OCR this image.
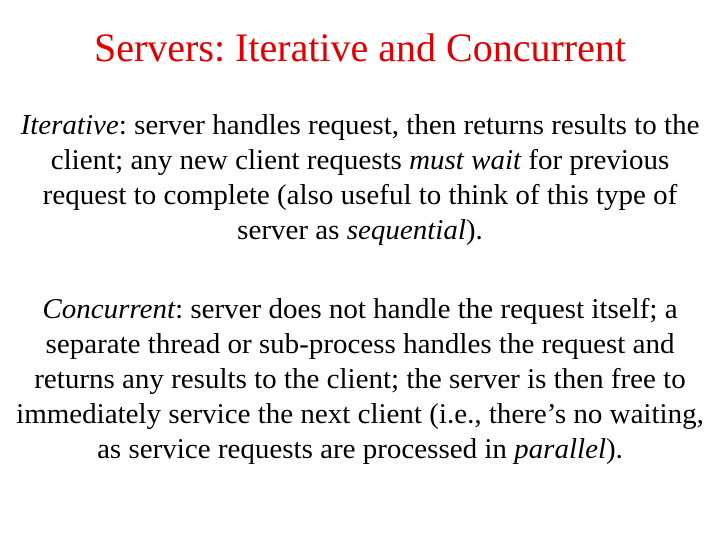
Servers: Iterative and Concurrent

Iterative: server handles request, then returns results to the client; any new client requests must wait for previous request to complete (also useful to think of this type of server as sequential).

Concurrent: server does not handle the request itself; a separate thread or sub-process handles the request and returns any results to the client; the server is then free to immediately service the next client (i.e., there’s no waiting, as service requests are processed in parallel).
